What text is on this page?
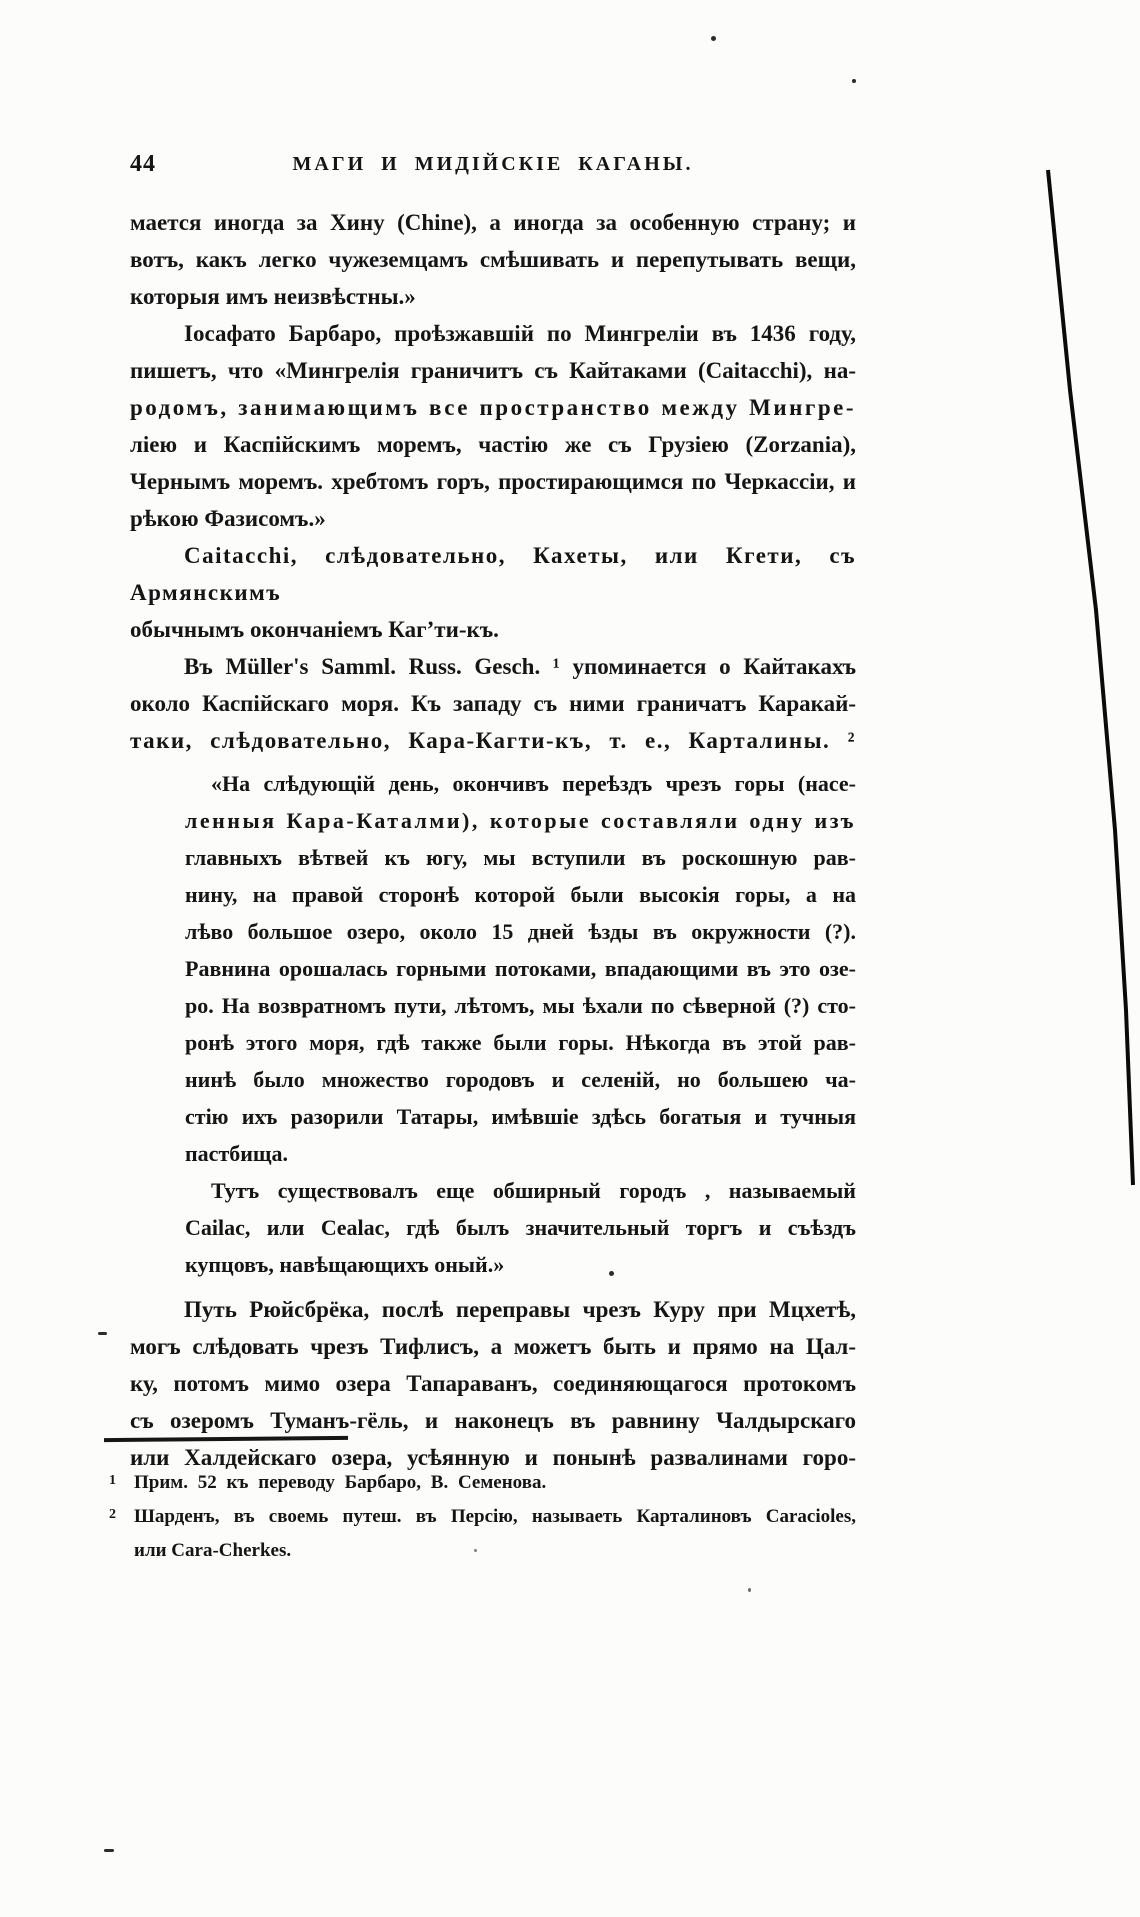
44	МАГИ И МИДІЙСКІЕ КАГАНЫ.
мается иногда за Хину (Chine), а иногда за особенную страну; и
вотъ, какъ легко чужеземцамъ смѣшивать и перепутывать вещи,
которыя имъ неизвѣстны.»
Іосафато Барбаро, проѣзжавшій по Мингреліи въ 1436 году,
пишетъ, что «Мингрелія граничитъ съ Кайтаками (Caitacchi), на-
родомъ, занимающимъ все пространство между Мингре-
ліею и Каспійскимъ моремъ, частію же съ Грузіею (Zorzania),
Чернымъ моремъ. хребтомъ горъ, простирающимся по Черкассіи, и
рѣкою Фазисомъ.»
Caitacchi, слѣдовательно, Кахеты, или Кгети, съ Армянскимъ
обычнымъ окончаніемъ Каг’ти-къ.
Въ Müller's Samml. Russ. Gesch. ¹ упоминается о Кайтакахъ
около Каспійскаго моря. Къ западу съ ними граничатъ Каракай-
таки, слѣдовательно, Кара-Кагти-къ, т. е., Карталины. ²
«На слѣдующій день, окончивъ переѣздъ чрезъ горы (насе-
ленныя Кара-Каталми), которые составляли одну изъ
главныхъ вѣтвей къ югу, мы вступили въ роскошную рав-
нину, на правой сторонѣ которой были высокія горы, а на
лѣво большое озеро, около 15 дней ѣзды въ окружности (?).
Равнина орошалась горными потоками, впадающими въ это озе-
ро. На возвратномъ пути, лѣтомъ, мы ѣхали по сѣверной (?) сто-
ронѣ этого моря, гдѣ также были горы. Нѣкогда въ этой рав-
нинѣ было множество городовъ и селеній, но большею ча-
стію ихъ разорили Татары, имѣвшіе здѣсь богатыя и тучныя
пастбища.
Тутъ существовалъ еще обширный городъ , называемый
Cailac, или Cealac, гдѣ былъ значительный торгъ и съѣздъ
купцовъ, навѣщающихъ оный.»
Путь Рюйсбрёка, послѣ переправы чрезъ Куру при Мцхетѣ,
могъ слѣдовать чрезъ Тифлисъ, а можетъ быть и прямо на Цал-
ку, потомъ мимо озера Тапараванъ, соединяющагося протокомъ
съ озеромъ Туманъ-гёль, и наконецъ въ равнину Чалдырскаго
или Халдейскаго озера, усѣянную и понынѣ развалинами горо-
1 Прим. 52 къ переводу Барбаро, В. Семенова.
2 Шарденъ, въ своемь путеш. въ Персію, называеть Карталиновъ Caracioles,
или Cara-Cherkes.
